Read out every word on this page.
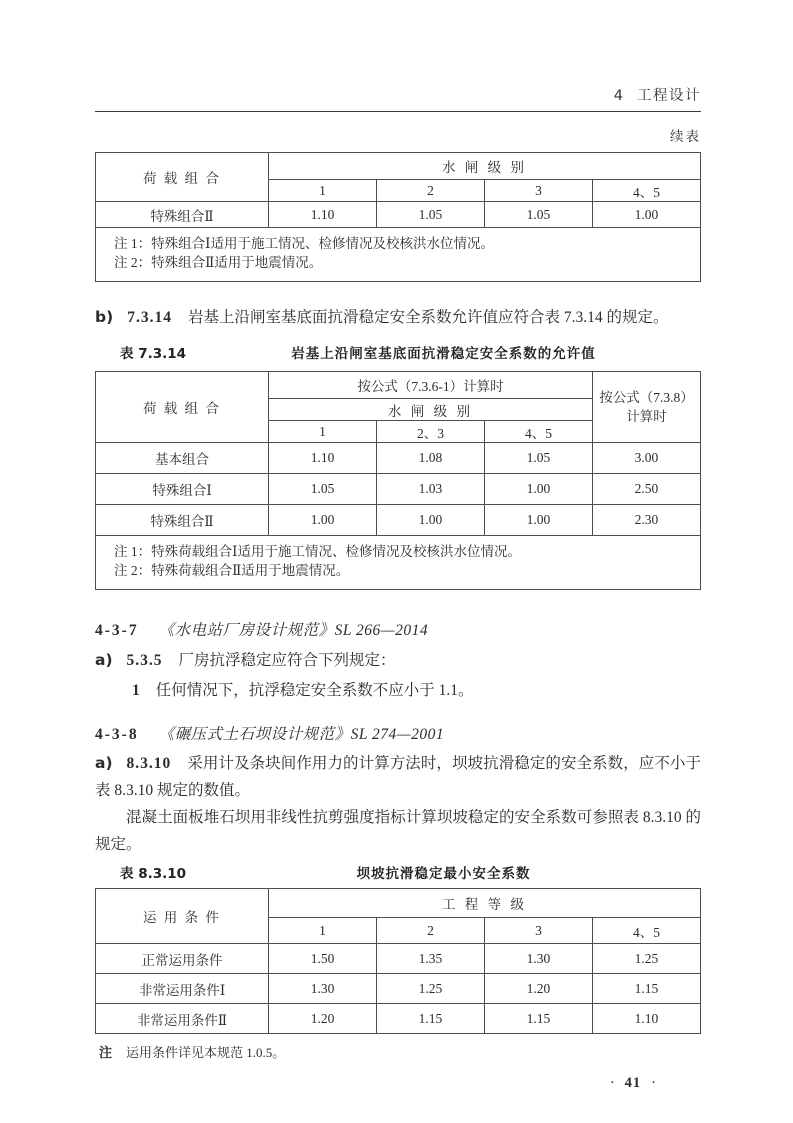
4 工程设计
续表
荷 载 组 合	水 闸 级 别			
	1	2	3	4、5
特殊组合Ⅱ	1.10	1.05	1.05	1.00

注 1：特殊组合Ⅰ适用于施工情况、检修情况及校核洪水位情况。
注 2：特殊组合Ⅱ适用于地震情况。				
b) 7.3.14 岩基上沿闸室基底面抗滑稳定安全系数允许值应符合表 7.3.14 的规定。
表 7.3.14	岩基上沿闸室基底面抗滑稳定安全系数的允许值
荷 载 组 合	按公式（7.3.6-1）计算时			按公式（7.3.8）
计算时

	水 闸 级 别			
	1	2、3	4、5	
基本组合	1.10	1.08	1.05	3.00
特殊组合Ⅰ	1.05	1.03	1.00	2.50
特殊组合Ⅱ	1.00	1.00	1.00	2.30

注 1：特殊荷载组合Ⅰ适用于施工情况、检修情况及校核洪水位情况。
注 2：特殊荷载组合Ⅱ适用于地震情况。				
4-3-7 《水电站厂房设计规范》SL 266—2014
a) 5.3.5 厂房抗浮稳定应符合下列规定：
1 任何情况下，抗浮稳定安全系数不应小于 1.1。
4-3-8 《碾压式土石坝设计规范》SL 274—2001
a) 8.3.10 采用计及条块间作用力的计算方法时，坝坡抗滑稳定的安全系数，应不小于表 8.3.10 规定的数值。
混凝土面板堆石坝用非线性抗剪强度指标计算坝坡稳定的安全系数可参照表 8.3.10 的规定。
表 8.3.10	坝坡抗滑稳定最小安全系数
运 用 条 件	工 程 等 级			
	1	2	3	4、5
正常运用条件	1.50	1.35	1.30	1.25
非常运用条件Ⅰ	1.30	1.25	1.20	1.15
非常运用条件Ⅱ	1.20	1.15	1.15	1.10
注 运用条件详见本规范 1.0.5。
· 41 ·
